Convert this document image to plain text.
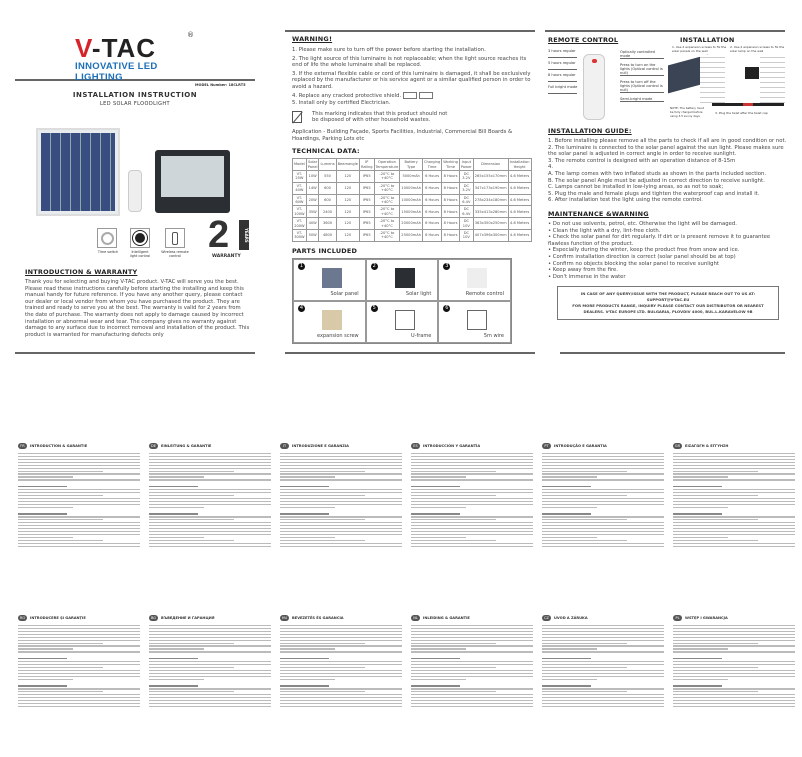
V-TAC
INNOVATIVE LED LIGHTING
®
MODEL Number: 18CLRT5
INSTALLATION INSTRUCTION
LED SOLAR FLOODLIGHT
Time switch	Intelligent light control
Wireless remote control 2	YEARS
WARRANTY
INTRODUCTION & WARRANTY
Thank you for selecting and buying V-TAC product. V-TAC will serve you the best. Please read these instructions carefully before starting the installing and keep this manual handy for future reference. If you have any another query, please contact our dealer or local vendor from whom you have purchased the product. They are trained and ready to serve you at the best. The warranty is valid for 2 years from the date of purchase. The warranty does not apply to damage caused by incorrect installation or abnormal wear and tear. The company gives no warranty against damage to any surface due to incorrect removal and installation of the product. This product is warranted for manufacturing defects only
WARNING!
1. Please make sure to turn off the power before starting the installation.
2. The light source of this luminaire is not replaceable; when the light source reaches its end of life the whole luminaire shall be replaced.
3. If the external flexible cable or cord of this luminaire is damaged, it shall be exclusively replaced by the manufacturer or his service agent or a similar qualified person in order to avoid a hazard.
4. Replace any cracked protective shield.
5. Install only by certified Electrician.
This marking indicates that this product should not be disposed of with other household wastes.
Application - Building Façade, Sports Facilities, Industrial, Commercial Bill Boards & Hoardings, Parking Lots etc
TECHNICAL DATA:
Model	Solar Panel	Lumens	Beamangle	IP Rating	Operation Temperature	Battery Type	Charging Time	Working Time	Input Power	Dimension	Installation Height
VT-25W	10W	550	120	IP65	-20°C to +40°C	5000mAh	6 Hours	8 Hours	DC 3.2V	265x155x170mm	4-6 Meters
VT-40W	14W	600	120	IP65	-20°C to +40°C	10000mAh	6 Hours	8 Hours	DC 3.2V	347x173x190mm	4-6 Meters
VT-60W	20W	600	120	IP65	-20°C to +40°C	10000mAh	6 Hours	8 Hours	DC 6.4V	278x234x180mm	4-6 Meters
VT-100W	35W	2400	120	IP65	-20°C to +40°C	15000mAh	6 Hours	8 Hours	DC 6.4V	335x413x280mm	4-6 Meters
VT-200W	40W	3600	120	IP65	-20°C to +40°C	20000mAh	6 Hours	8 Hours	DC 10V	363x350x250mm	4-6 Meters
VT-300W	50W	4800	120	IP65	-20°C to +40°C	25000mAh	6 Hours	8 Hours	DC 10V	407x396x300mm	4-6 Meters
PARTS INCLUDED
1
Solar panel
2
Solar light
3
Remote control
4
expansion screw
5
U-frame
6
5m wire
REMOTE CONTROL
3 hours regular
5 hours regular
8 hours regular
Full bright mode
Optically controlled mode
Press to turn on the lights (Optical control is null)
Press to turn off the lights (Optical control is null)
Semi-bright mode
INSTALLATION
1. Use 2 expansion screws to fix the solar panels on the wall
2. Use 2 expansion screws to fix the solar lamp on the wall
NOTE: The battery must be fully charged before using 3-5 sunny days
3. Plug the twist after the twist cap
INSTALLATION GUIDE:
1. Before installing please remove all the parts to check if all are in good condition or not.
2. The luminaire is connected to the solar panel against the sun light. Please makes sure the solar panel is adjusted in correct angle in order to receive sunlight.
3. The remote control is designed with an operation distance of 8-15m
4.
A. The lamp comes with two inflated studs as shown in the parts included section.
B. The solar panel Angle must be adjusted in correct direction to receive sunlight.
C. Lamps cannot be installed in low-lying areas, so as not to soak;
5. Plug the male and female plugs and tighten the waterproof cap and install it.
6. After installation test the light using the remote control.
MAINTENANCE &WARNING
• Do not use solvents, petrol, etc. Otherwise the light will be damaged.
• Clean the light with a dry, lint-free cloth.
• Check the solar panel for dirt regularly. If dirt or is present remove it to guarantee flawless function of the product.
• Especially during the winter, keep the product free from snow and ice.
• Confirm installation direction is correct (solar panel should be at top)
• Confirm no objects blocking the solar panel to receive sunlight
• Keep away from the fire.
• Don't immerse in the water
IN CASE OF ANY QUERY/ISSUE WITH THE PRODUCT, PLEASE REACH OUT TO US AT:
SUPPORT@V-TAC.EU
FOR MORE PRODUCTS RANGE, INQUIRY PLEASE CONTACT OUR DISTRIBUTOR OR NEAREST DEALERS. V-TAC EUROPE LTD. BULGARIA, PLOVDIV 4000, BUL.L.KARAVELOW 9B
FR INTRODUCTION & GARANTIE	DE EINLEITUNG & GARANTIE	IT INTRODUZIONE E GARANZIA	ES INTRODUCCIÓN Y GARANTÍA	PT INTRODUÇÃO E GARANTIA	GR ΕΙΣΑΓΩΓΗ & ΕΓΓΥΗΣΗ
RO INTRODUCERE ȘI GARANȚIE	BG ВЪВЕДЕНИЕ И ГАРАНЦИЯ	HU BEVEZETÉS ÉS GARANCIA	NL INLEIDING & GARANTIE	CZ ÚVOD A ZÁRUKA	PL WSTĘP I GWARANCJA
